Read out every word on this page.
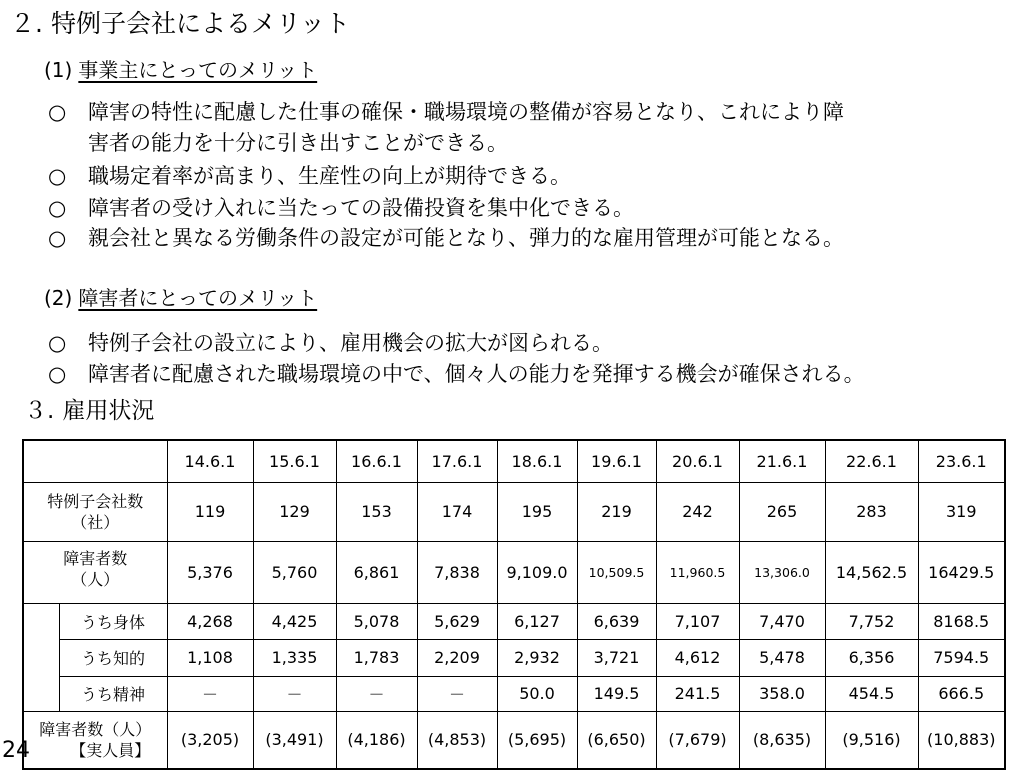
２. 特例子会社によるメリット
(1) 事業主にとってのメリット
○ 障害の特性に配慮した仕事の確保・職場環境の整備が容易となり、これにより障
害者の能力を十分に引き出すことができる。
○ 職場定着率が高まり、生産性の向上が期待できる。
○ 障害者の受け入れに当たっての設備投資を集中化できる。
○ 親会社と異なる労働条件の設定が可能となり、弾力的な雇用管理が可能となる。
(2) 障害者にとってのメリット
○ 特例子会社の設立により、雇用機会の拡大が図られる。
○ 障害者に配慮された職場環境の中で、個々人の能力を発揮する機会が確保される。
３. 雇用状況
		14.6.1	15.6.1	16.6.1	17.6.1	18.6.1	19.6.1	20.6.1	21.6.1	22.6.1	23.6.1
特例子会社数
（社）		119	129	153	174	195	219	242	265	283	319
障害者数
（人）		5,376	5,760	6,861	7,838	9,109.0	10,509.5	11,960.5	13,306.0	14,562.5	16429.5
	うち身体	4,268	4,425	5,078	5,629	6,127	6,639	7,107	7,470	7,752	8168.5
	うち知的	1,108	1,335	1,783	2,209	2,932	3,721	4,612	5,478	6,356	7594.5
	うち精神	－	－	－	－	50.0	149.5	241.5	358.0	454.5	666.5
障害者数（人）
【実人員】		(3,205)	(3,491)	(4,186)	(4,853)	(5,695)	(6,650)	(7,679)	(8,635)	(9,516)	(10,883)
24
